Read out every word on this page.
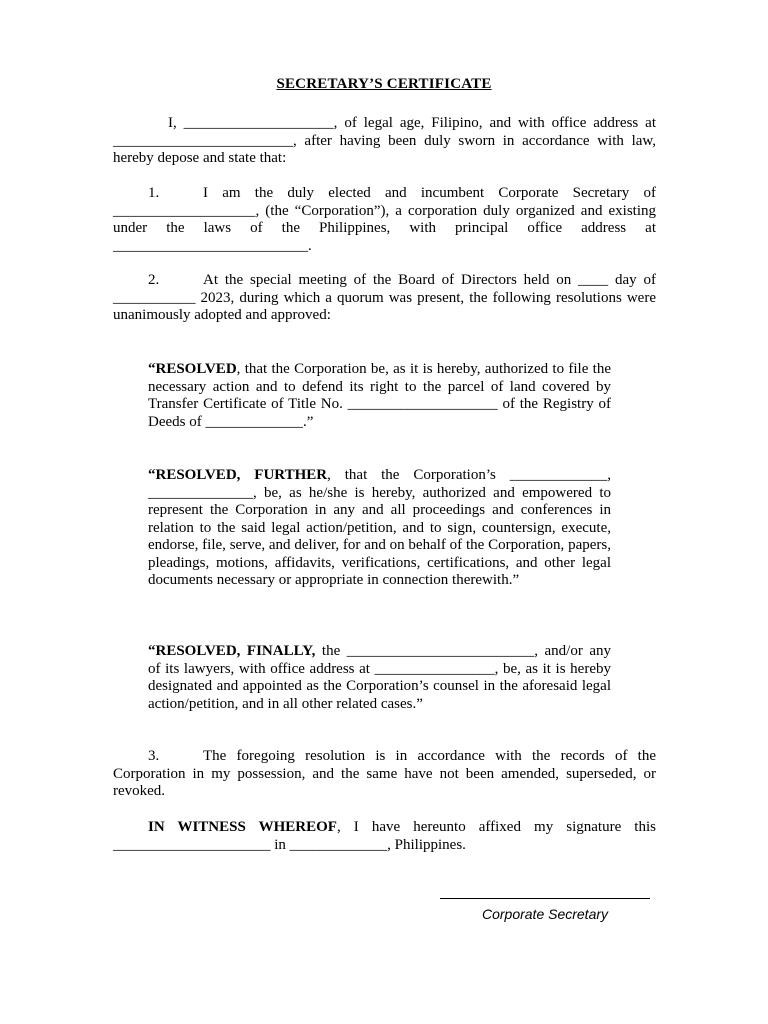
SECRETARY’S CERTIFICATE

I, ____________________, of legal age, Filipino, and with office address at ________________________, after having been duly sworn in accordance with law, hereby depose and state that:

1.	I am the duly elected and incumbent Corporate Secretary of ___________________, (the “Corporation”), a corporation duly organized and existing under the laws of the Philippines, with principal office address at __________________________.

2.	At the special meeting of the Board of Directors held on ____ day of ___________ 2023, during which a quorum was present, the following resolutions were unanimously adopted and approved:

“RESOLVED, that the Corporation be, as it is hereby, authorized to file the necessary action and to defend its right to the parcel of land covered by Transfer Certificate of Title No. ____________________ of the Registry of Deeds of _____________.”

“RESOLVED, FURTHER, that the Corporation’s _____________, ______________, be, as he/she is hereby, authorized and empowered to represent the Corporation in any and all proceedings and conferences in relation to the said legal action/petition, and to sign, countersign, execute, endorse, file, serve, and deliver, for and on behalf of the Corporation, papers, pleadings, motions, affidavits, verifications, certifications, and other legal documents necessary or appropriate in connection therewith.”

“RESOLVED, FINALLY, the _________________________, and/or any of its lawyers, with office address at ________________, be, as it is hereby designated and appointed as the Corporation’s counsel in the aforesaid legal action/petition, and in all other related cases.”

3.	The foregoing resolution is in accordance with the records of the Corporation in my possession, and the same have not been amended, superseded, or revoked.

IN WITNESS WHEREOF, I have hereunto affixed my signature this _____________________ in _____________, Philippines.

Corporate Secretary
